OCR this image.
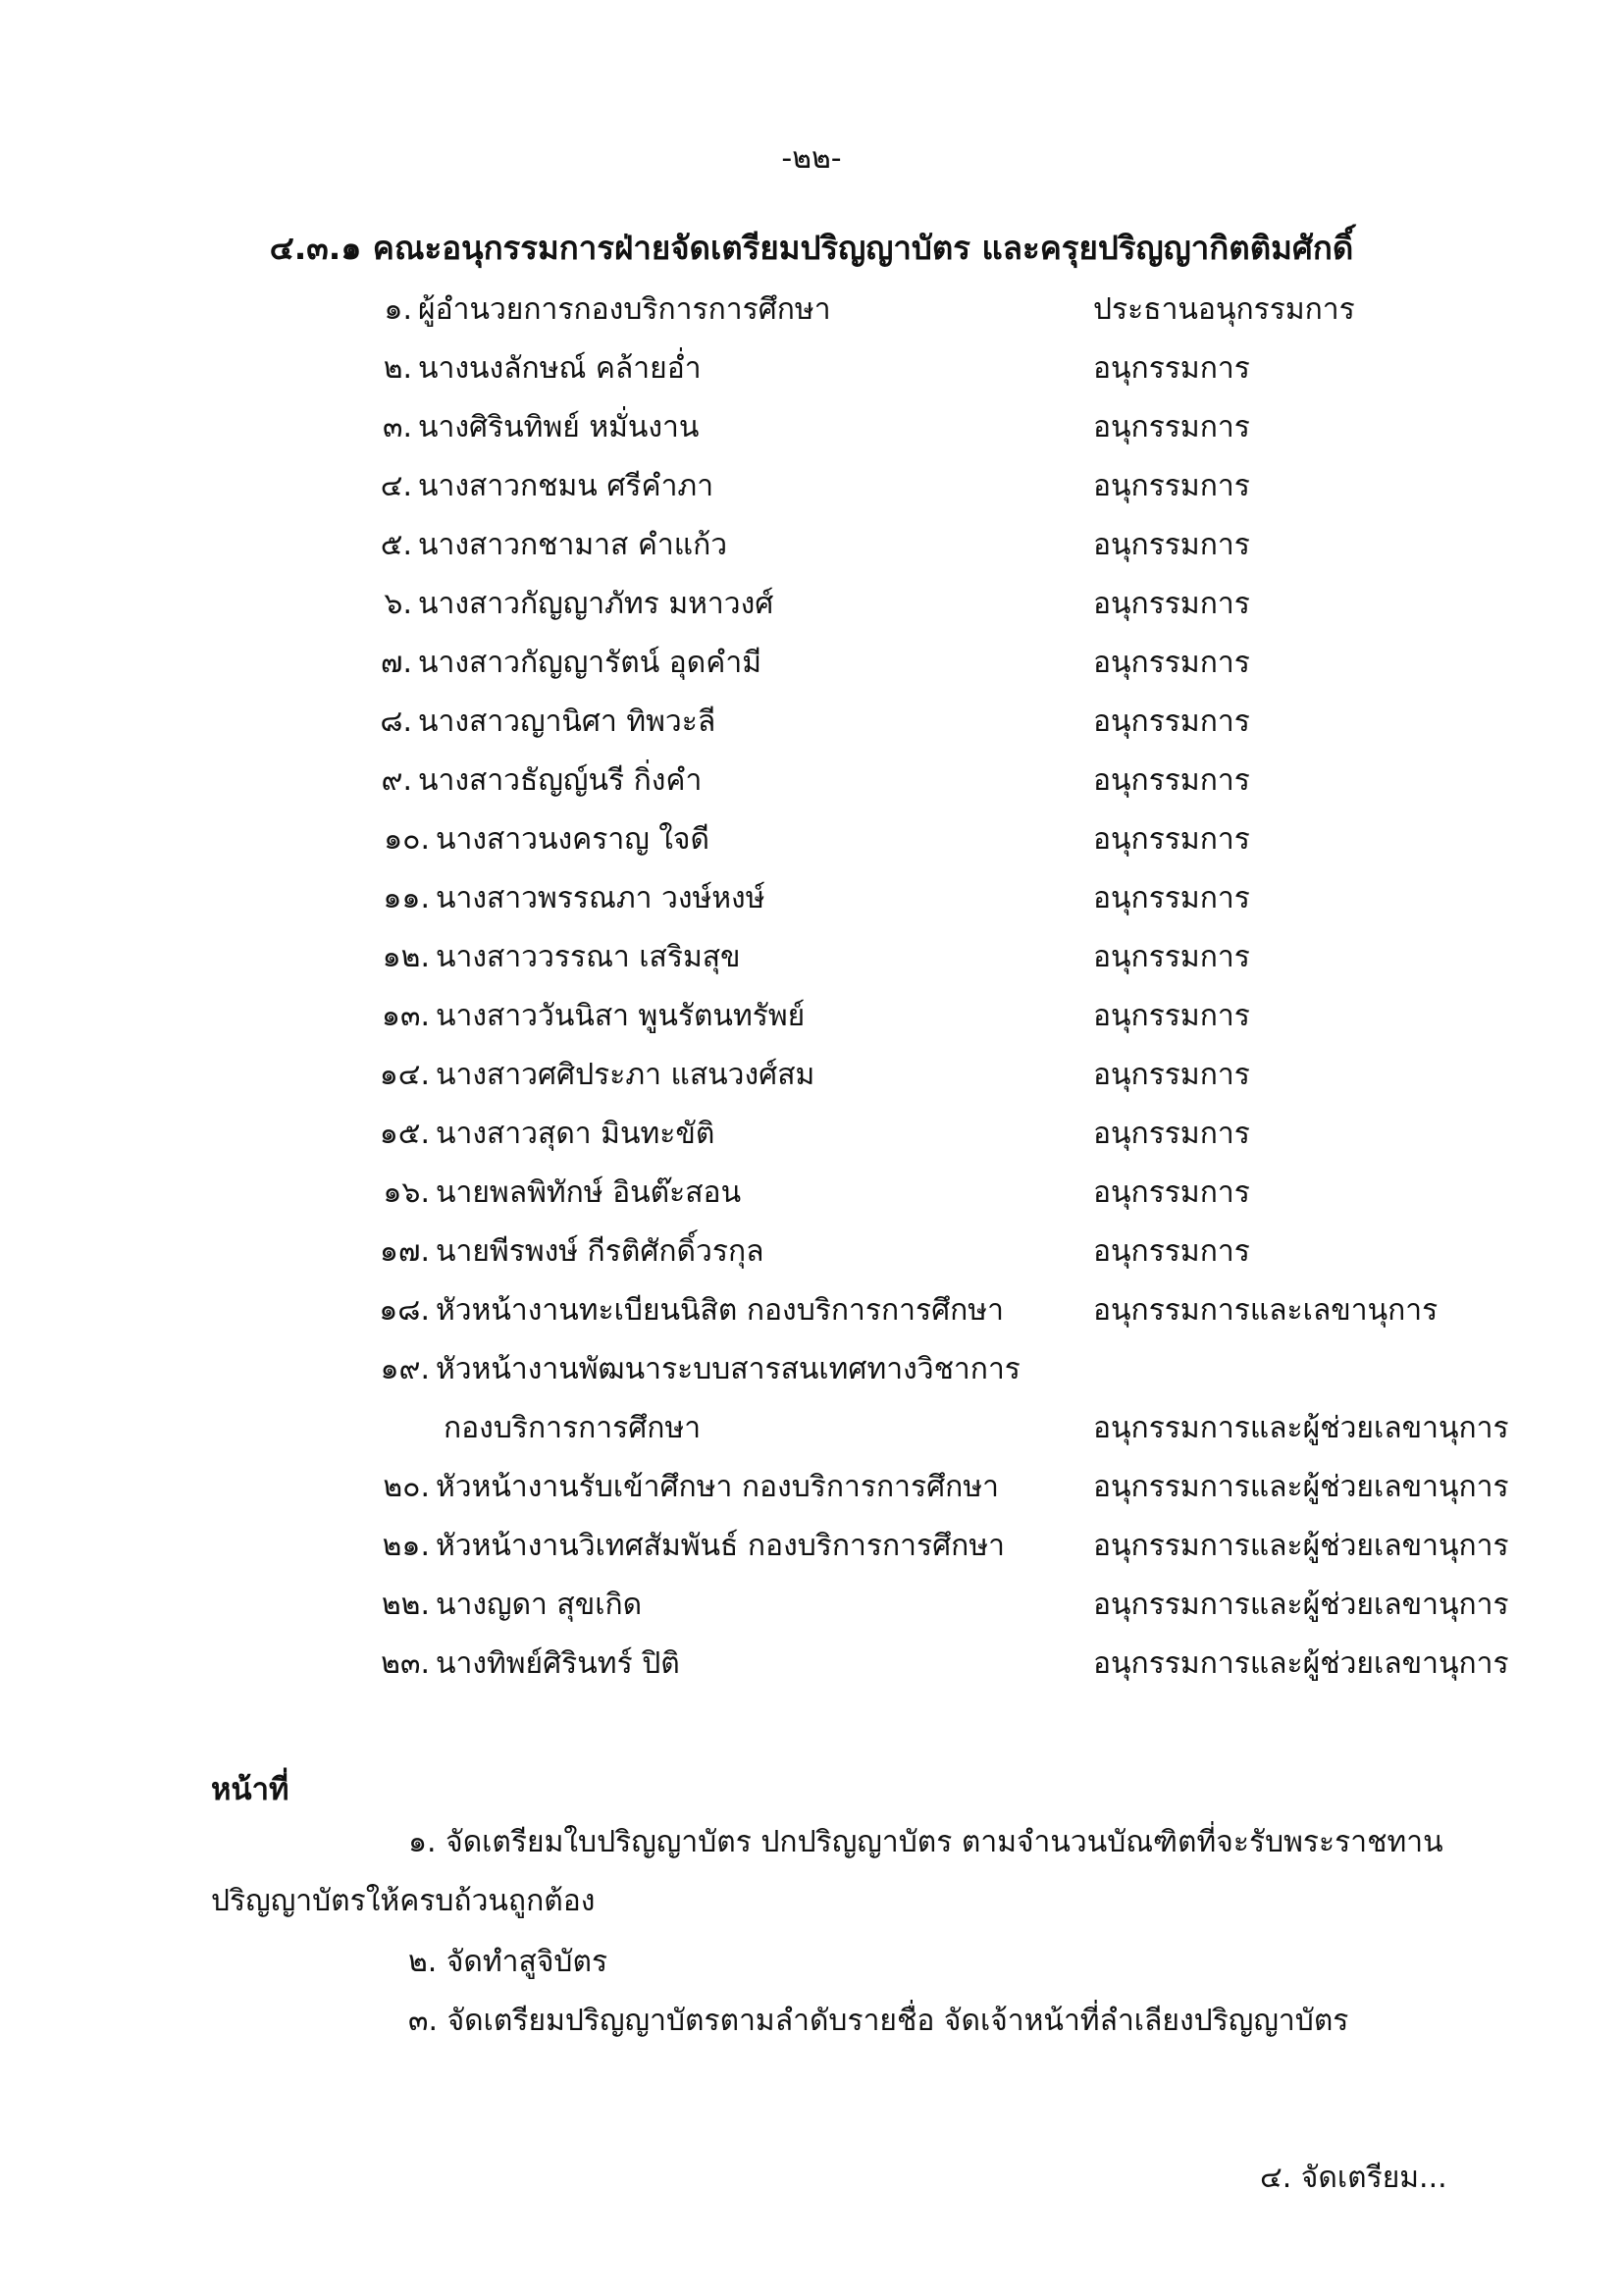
-๒๒-
๔.๓.๑ คณะอนุกรรมการฝ่ายจัดเตรียมปริญญาบัตร และครุยปริญญากิตติมศักดิ์
๑. ผู้อำนวยการกองบริการการศึกษา	ประธานอนุกรรมการ
๒. นางนงลักษณ์ คล้ายอ่ำ	อนุกรรมการ
๓. นางศิรินทิพย์ หมั่นงาน	อนุกรรมการ
๔. นางสาวกชมน ศรีคำภา	อนุกรรมการ
๕. นางสาวกชามาส คำแก้ว	อนุกรรมการ
๖. นางสาวกัญญาภัทร มหาวงศ์	อนุกรรมการ
๗. นางสาวกัญญารัตน์ อุดคำมี	อนุกรรมการ
๘. นางสาวญานิศา ทิพวะลี	อนุกรรมการ
๙. นางสาวธัญญ์นรี กิ่งคำ	อนุกรรมการ
๑๐. นางสาวนงคราญ ใจดี	อนุกรรมการ
๑๑. นางสาวพรรณภา วงษ์หงษ์	อนุกรรมการ
๑๒. นางสาววรรณา เสริมสุข	อนุกรรมการ
๑๓. นางสาววันนิสา พูนรัตนทรัพย์	อนุกรรมการ
๑๔. นางสาวศศิประภา แสนวงศ์สม	อนุกรรมการ
๑๕. นางสาวสุดา มินทะขัติ	อนุกรรมการ
๑๖. นายพลพิทักษ์ อินต๊ะสอน	อนุกรรมการ
๑๗. นายพีรพงษ์ กีรติศักดิ์วรกุล	อนุกรรมการ
๑๘. หัวหน้างานทะเบียนนิสิต กองบริการการศึกษา	อนุกรรมการและเลขานุการ
๑๙. หัวหน้างานพัฒนาระบบสารสนเทศทางวิชาการ
กองบริการการศึกษา	อนุกรรมการและผู้ช่วยเลขานุการ
๒๐. หัวหน้างานรับเข้าศึกษา กองบริการการศึกษา	อนุกรรมการและผู้ช่วยเลขานุการ
๒๑. หัวหน้างานวิเทศสัมพันธ์ กองบริการการศึกษา	อนุกรรมการและผู้ช่วยเลขานุการ
๒๒. นางญดา สุขเกิด	อนุกรรมการและผู้ช่วยเลขานุการ
๒๓. นางทิพย์ศิรินทร์ ปิติ	อนุกรรมการและผู้ช่วยเลขานุการ
หน้าที่
๑. จัดเตรียมใบปริญญาบัตร ปกปริญญาบัตร ตามจำนวนบัณฑิตที่จะรับพระราชทาน
ปริญญาบัตรให้ครบถ้วนถูกต้อง
๒. จัดทำสูจิบัตร
๓. จัดเตรียมปริญญาบัตรตามลำดับรายชื่อ จัดเจ้าหน้าที่ลำเลียงปริญญาบัตร
๔. จัดเตรียม...
